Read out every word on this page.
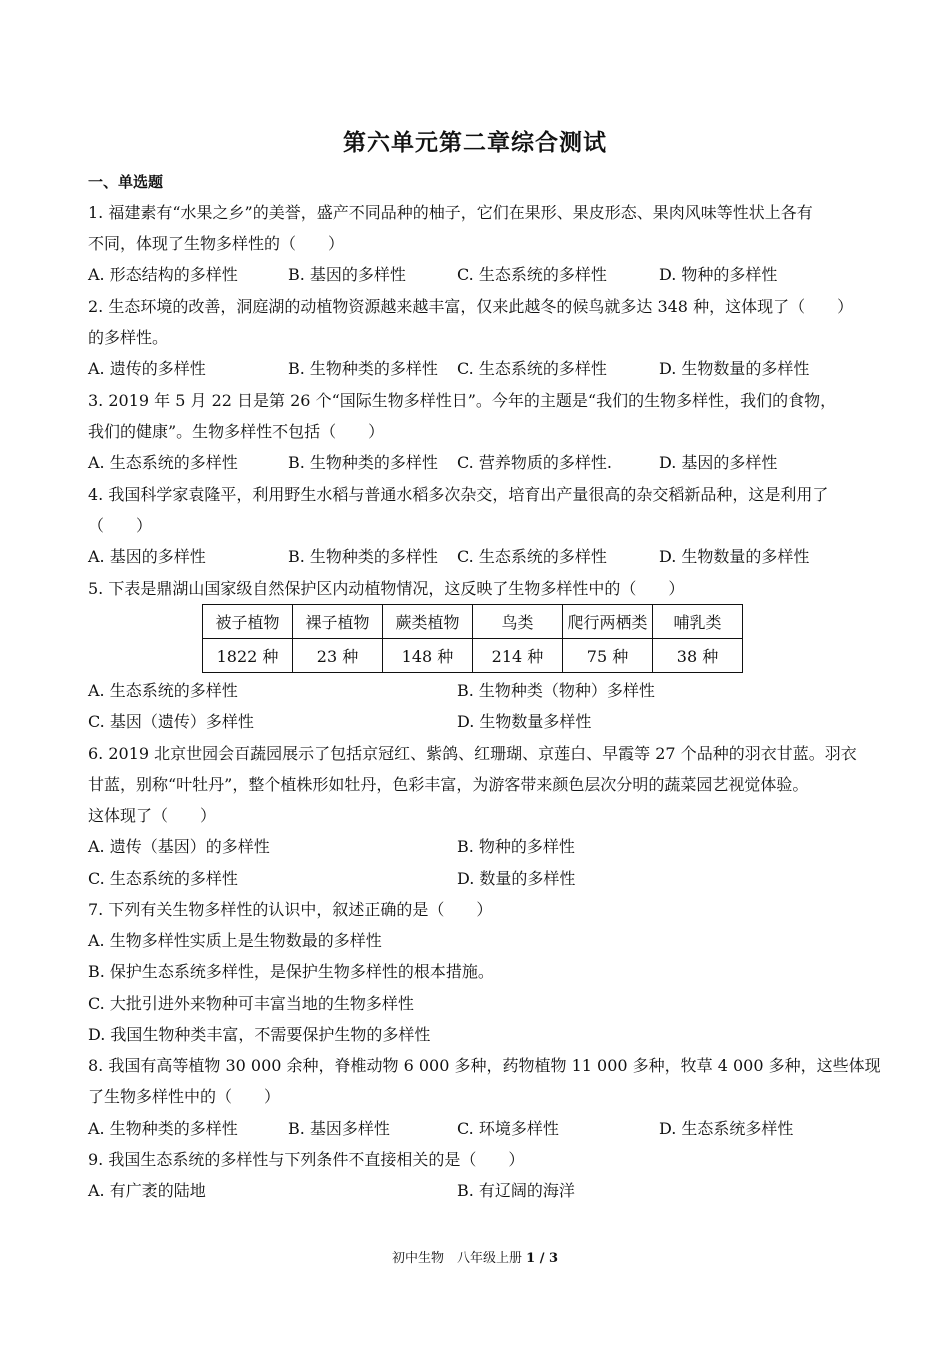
第六单元第二章综合测试
一、单选题
1. 福建素有“水果之乡”的美誉，盛产不同品种的柚子，它们在果形、果皮形态、果肉风味等性状上各有
不同，体现了生物多样性的（　　）
A. 形态结构的多样性	B. 基因的多样性	C. 生态系统的多样性	D. 物种的多样性
2. 生态环境的改善，洞庭湖的动植物资源越来越丰富，仅来此越冬的候鸟就多达 348 种，这体现了（　　）
的多样性。
A. 遗传的多样性	B. 生物种类的多样性 C. 生态系统的多样性	D. 生物数量的多样性
3. 2019 年 5 月 22 日是第 26 个“国际生物多样性日”。今年的主题是“我们的生物多样性，我们的食物，
我们的健康”。生物多样性不包括（　　）
A. 生态系统的多样性	B. 生物种类的多样性 C. 营养物质的多样性.	D. 基因的多样性
4. 我国科学家袁隆平，利用野生水稻与普通水稻多次杂交，培育出产量很高的杂交稻新品种，这是利用了
（　　）
A. 基因的多样性	B. 生物种类的多样性 C. 生态系统的多样性	D. 生物数量的多样性
5. 下表是鼎湖山国家级自然保护区内动植物情况，这反映了生物多样性中的（　　）
被子植物	裸子植物	蕨类植物	鸟类	爬行两栖类	哺乳类
1822 种	23 种	148 种	214 种	75 种	38 种
A. 生态系统的多样性	B. 生物种类（物种）多样性
C. 基因（遗传）多样性	D. 生物数量多样性
6. 2019 北京世园会百蔬园展示了包括京冠红、紫鸽、红珊瑚、京莲白、早霞等 27 个品种的羽衣甘蓝。羽衣
甘蓝，别称“叶牡丹”，整个植株形如牡丹，色彩丰富，为游客带来颜色层次分明的蔬菜园艺视觉体验。
这体现了（　　）
A. 遗传（基因）的多样性	B. 物种的多样性
C. 生态系统的多样性	D. 数量的多样性
7. 下列有关生物多样性的认识中，叙述正确的是（　　）
A. 生物多样性实质上是生物数最的多样性
B. 保护生态系统多样性，是保护生物多样性的根本措施。
C. 大批引进外来物种可丰富当地的生物多样性
D. 我国生物种类丰富，不需要保护生物的多样性
8. 我国有高等植物 30 000 余种，脊椎动物 6 000 多种，药物植物 11 000 多种，牧草 4 000 多种，这些体现
了生物多样性中的（　　）
A. 生物种类的多样性	B. 基因多样性	C. 环境多样性	D. 生态系统多样性
9. 我国生态系统的多样性与下列条件不直接相关的是（　　）
A. 有广袤的陆地	B. 有辽阔的海洋
初中生物　八年级上册 1 / 3
